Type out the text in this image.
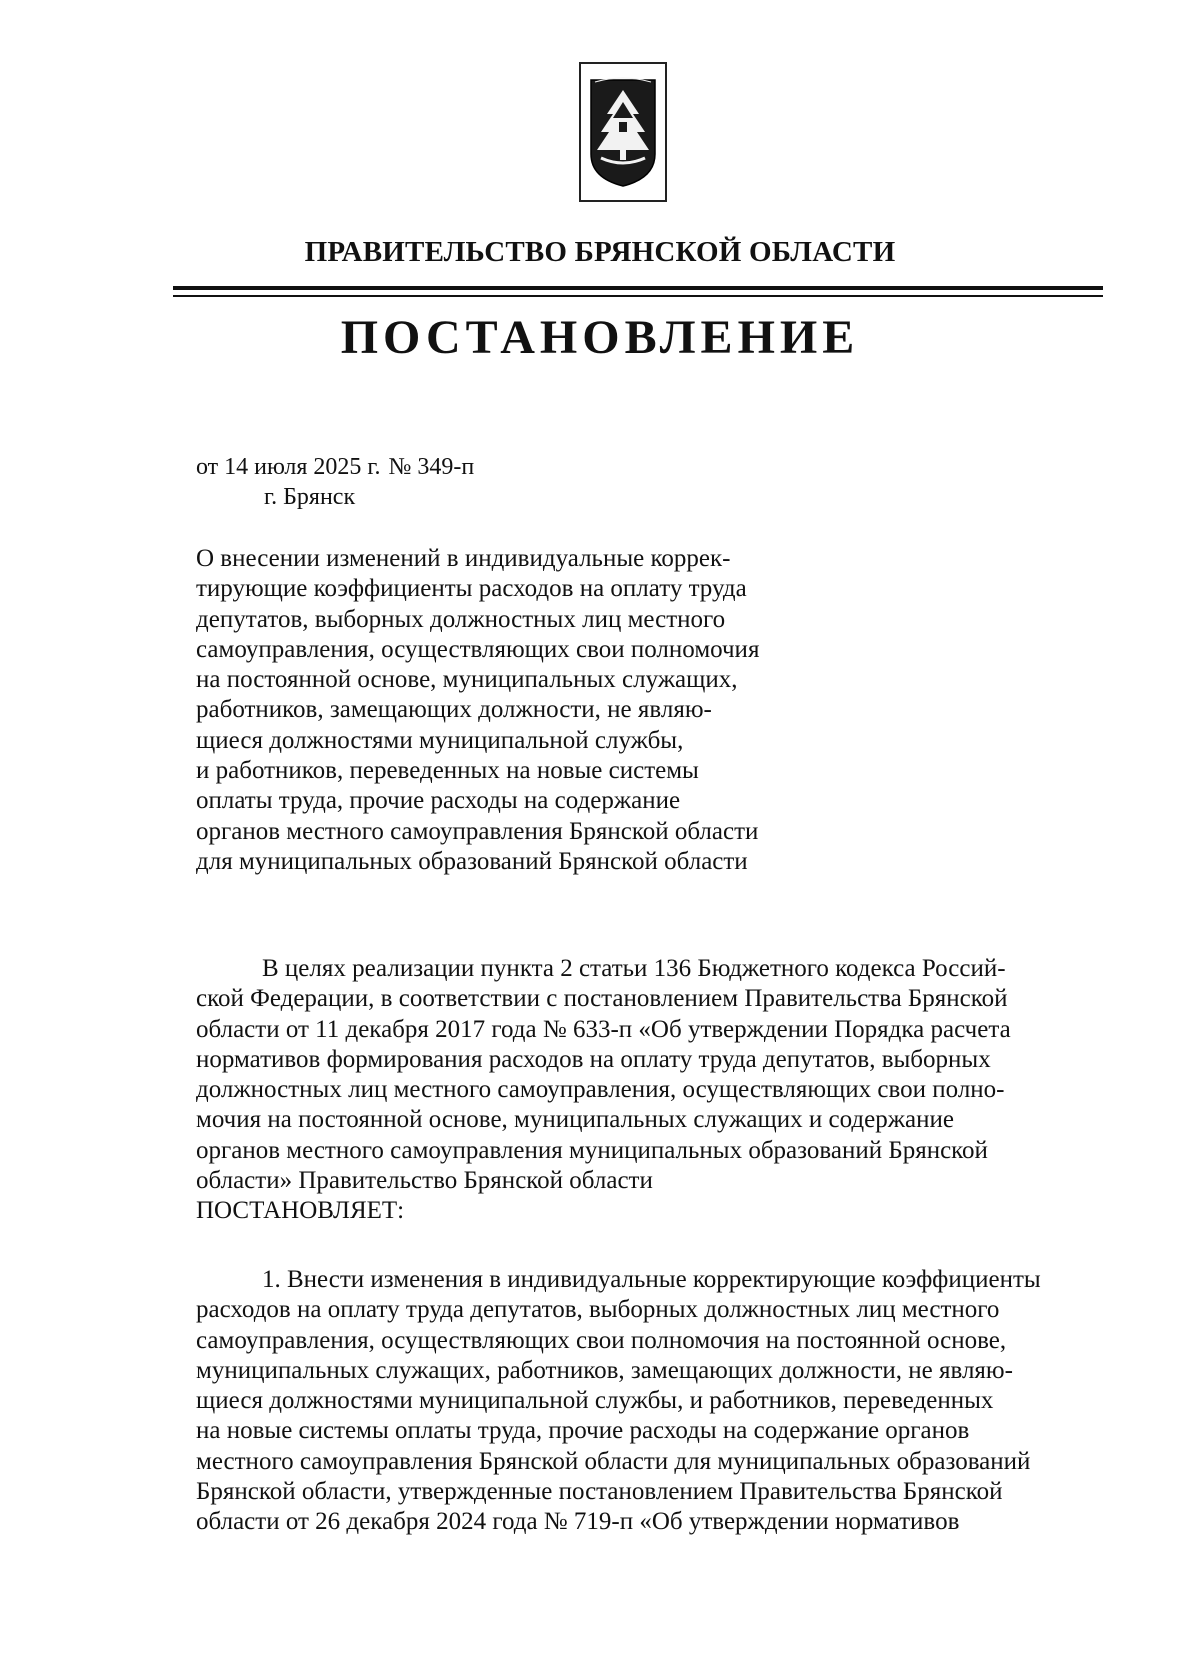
ПРАВИТЕЛЬСТВО БРЯНСКОЙ ОБЛАСТИ
ПОСТАНОВЛЕНИЕ
от 14 июля 2025 г. № 349-п
г. Брянск
О внесении изменений в индивидуальные коррек-
тирующие коэффициенты расходов на оплату труда
депутатов, выборных должностных лиц местного
самоуправления, осуществляющих свои полномочия
на постоянной основе, муниципальных служащих,
работников, замещающих должности, не являю-
щиеся должностями муниципальной службы,
и работников, переведенных на новые системы
оплаты труда, прочие расходы на содержание
органов местного самоуправления Брянской области
для муниципальных образований Брянской области
В целях реализации пункта 2 статьи 136 Бюджетного кодекса Россий-
ской Федерации, в соответствии с постановлением Правительства Брянской
области от 11 декабря 2017 года № 633-п «Об утверждении Порядка расчета
нормативов формирования расходов на оплату труда депутатов, выборных
должностных лиц местного самоуправления, осуществляющих свои полно-
мочия на постоянной основе, муниципальных служащих и содержание
органов местного самоуправления муниципальных образований Брянской
области» Правительство Брянской области
ПОСТАНОВЛЯЕТ:
1. Внести изменения в индивидуальные корректирующие коэффициенты
расходов на оплату труда депутатов, выборных должностных лиц местного
самоуправления, осуществляющих свои полномочия на постоянной основе,
муниципальных служащих, работников, замещающих должности, не являю-
щиеся должностями муниципальной службы, и работников, переведенных
на новые системы оплаты труда, прочие расходы на содержание органов
местного самоуправления Брянской области для муниципальных образований
Брянской области, утвержденные постановлением Правительства Брянской
области от 26 декабря 2024 года № 719-п «Об утверждении нормативов
